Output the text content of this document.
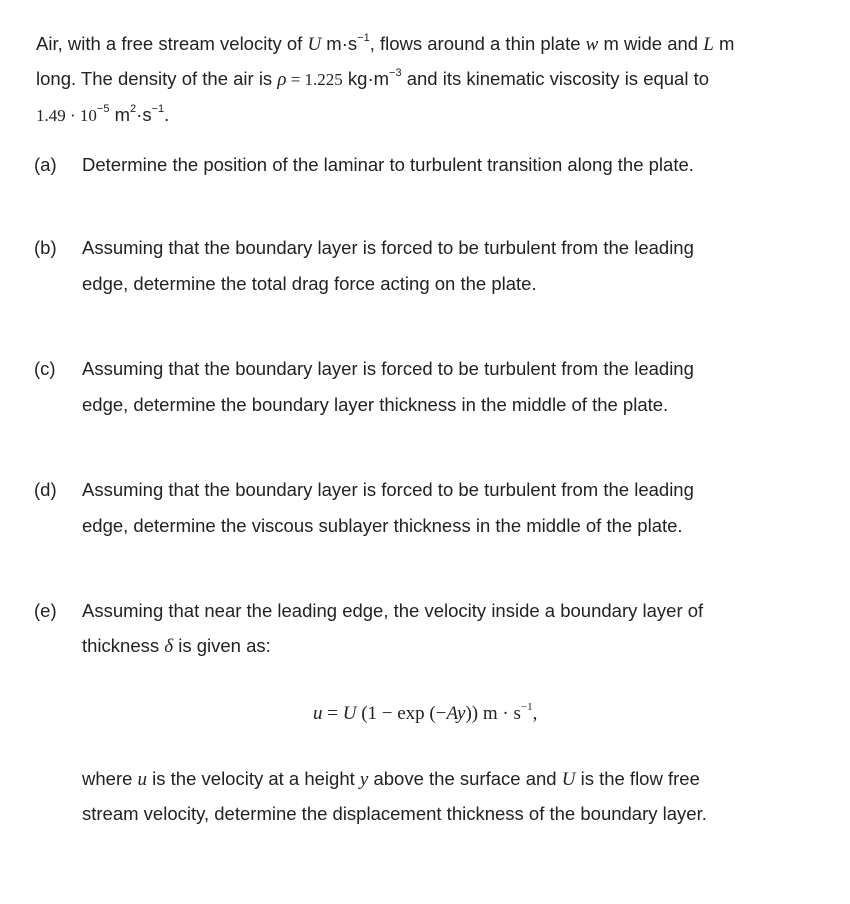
Air, with a free stream velocity of U $m\cdot s^{-1}$, flows around a thin plate w m wide and L m
long. The density of the air is ρ = 1.225 $kg\cdot m^{-3}$ and its kinematic viscosity is equal to
$1.49 \cdot 10^{-5}$ $m^2\cdot s^{-1}$.
(a) Determine the position of the laminar to turbulent transition along the plate.
(b) Assuming that the boundary layer is forced to be turbulent from the leading
edge, determine the total drag force acting on the plate.
(c) Assuming that the boundary layer is forced to be turbulent from the leading
edge, determine the boundary layer thickness in the middle of the plate.
(d) Assuming that the boundary layer is forced to be turbulent from the leading
edge, determine the viscous sublayer thickness in the middle of the plate.
(e) Assuming that near the leading edge, the velocity inside a boundary layer of
thickness δ is given as:
u = U (1 − exp (−Ay)) $m \cdot s^{-1}$,
where u is the velocity at a height y above the surface and U is the flow free
stream velocity, determine the displacement thickness of the boundary layer.
